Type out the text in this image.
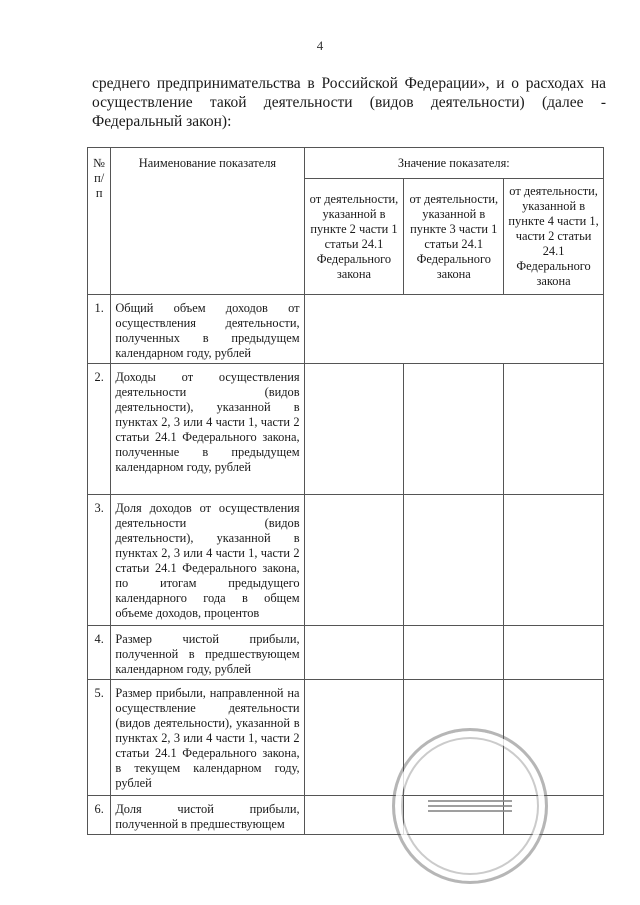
4
среднего предпринимательства в Российской Федерации», и о расходах на
осуществление такой деятельности (видов деятельности) (далее -
Федеральный закон):
№ п/п	Наименование показателя	Значение показателя:		
		от деятельности, указанной в пункте 2 части 1 статьи 24.1 Федерального закона	от деятельности, указанной в пункте 3 части 1 статьи 24.1 Федерального закона	от деятельности, указанной в пункте 4 части 1, части 2 статьи 24.1 Федерального закона
1.	Общий объем доходов от осуществления деятельности, полученных в предыдущем календарном году, рублей			
2.	Доходы от осуществления деятельности (видов деятельности), указанной в пунктах 2, 3 или 4 части 1, части 2 статьи 24.1 Федерального закона, полученные в предыдущем календарном году, рублей			
3.	Доля доходов от осуществления деятельности (видов деятельности), указанной в пунктах 2, 3 или 4 части 1, части 2 статьи 24.1 Федерального закона, по итогам предыдущего календарного года в общем объеме доходов, процентов			
4.	Размер чистой прибыли, полученной в предшествующем календарном году, рублей			
5.	Размер прибыли, направленной на осуществление деятельности (видов деятельности), указанной в пунктах 2, 3 или 4 части 1, части 2 статьи 24.1 Федерального закона, в текущем календарном году, рублей			
6.	Доля чистой прибыли, полученной в предшествующем			
